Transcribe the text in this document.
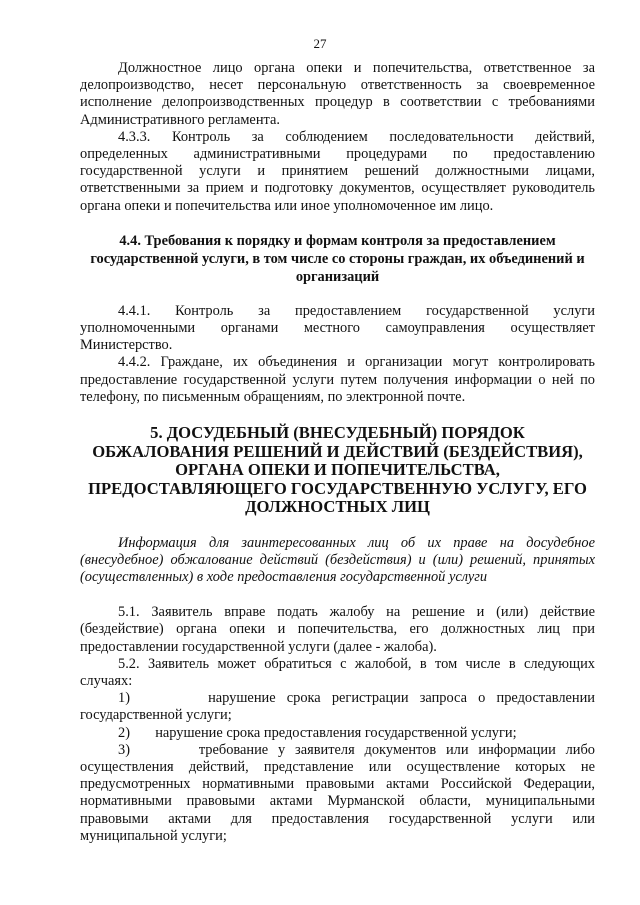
27

Должностное лицо органа опеки и попечительства, ответственное за делопроизводство, несет персональную ответственность за своевременное исполнение делопроизводственных процедур в соответствии с требованиями Административного регламента.

4.3.3. Контроль за соблюдением последовательности действий, определенных административными процедурами по предоставлению государственной услуги и принятием решений должностными лицами, ответственными за прием и подготовку документов, осуществляет руководитель органа опеки и попечительства или иное уполномоченное им лицо.

4.4. Требования к порядку и формам контроля за предоставлением государственной услуги, в том числе со стороны граждан, их объединений и организаций

4.4.1. Контроль за предоставлением государственной услуги уполномоченными органами местного самоуправления осуществляет Министерство.

4.4.2. Граждане, их объединения и организации могут контролировать предоставление государственной услуги путем получения информации о ней по телефону, по письменным обращениям, по электронной почте.

5. ДОСУДЕБНЫЙ (ВНЕСУДЕБНЫЙ) ПОРЯДОК ОБЖАЛОВАНИЯ РЕШЕНИЙ И ДЕЙСТВИЙ (БЕЗДЕЙСТВИЯ), ОРГАНА ОПЕКИ И ПОПЕЧИТЕЛЬСТВА, ПРЕДОСТАВЛЯЮЩЕГО ГОСУДАРСТВЕННУЮ УСЛУГУ, ЕГО ДОЛЖНОСТНЫХ ЛИЦ

Информация для заинтересованных лиц об их праве на досудебное (внесудебное) обжалование действий (бездействия) и (или) решений, принятых (осуществленных) в ходе предоставления государственной услуги

5.1. Заявитель вправе подать жалобу на решение и (или) действие (бездействие) органа опеки и попечительства, его должностных лиц при предоставлении государственной услуги (далее - жалоба).

5.2. Заявитель может обратиться с жалобой, в том числе в следующих случаях:

1)	нарушение срока регистрации запроса о предоставлении государственной услуги;

2) нарушение срока предоставления государственной услуги;

3)	требование у заявителя документов или информации либо осуществления действий, представление или осуществление которых не предусмотренных нормативными правовыми актами Российской Федерации, нормативными правовыми актами Мурманской области, муниципальными правовыми актами для предоставления государственной услуги или муниципальной услуги;
